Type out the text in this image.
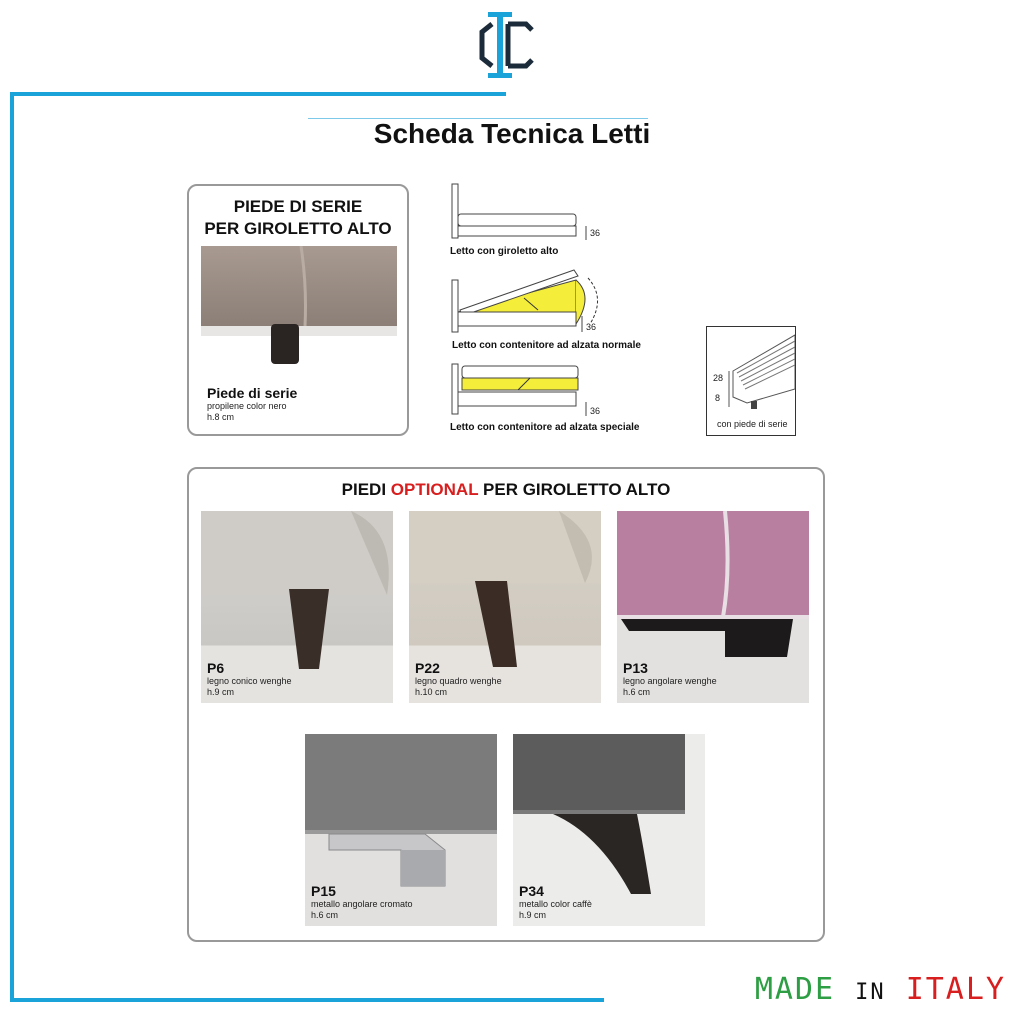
Scheda Tecnica Letti
PIEDE DI SERIE
PER GIROLETTO ALTO
Piede di serie
propilene color nero
h.8 cm
36
Letto con giroletto alto
36
Letto con contenitore ad alzata normale
36
Letto con contenitore ad alzata speciale
28
8
con piede di serie
PIEDI OPTIONAL PER GIROLETTO ALTO
P6
legno conico wenghe
h.9 cm
P22
legno quadro wenghe
h.10 cm
P13
legno angolare wenghe
h.6 cm
P15
metallo angolare cromato
h.6 cm
P34
metallo color caffè
h.9 cm
MADE IN ITALY
